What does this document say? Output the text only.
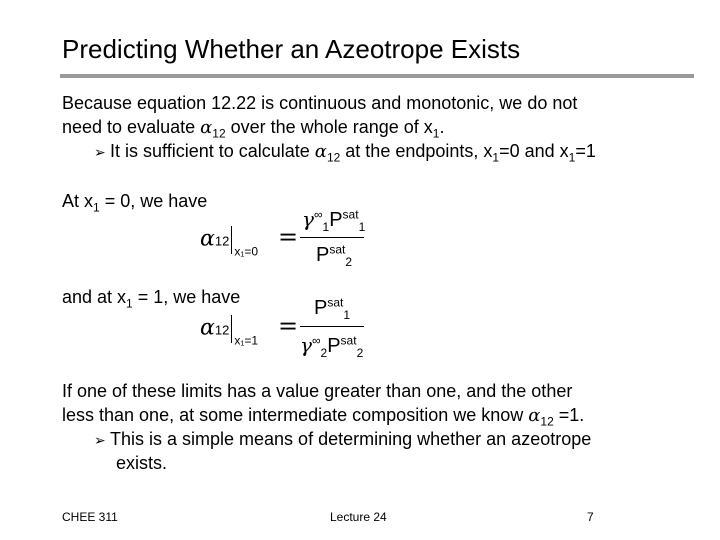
Predicting Whether an Azeotrope Exists
Because equation 12.22 is continuous and monotonic, we do not
need to evaluate $\alpha_{12}$ over the whole range of $x_1$.
➢ It is sufficient to calculate $\alpha_{12}$ at the endpoints, $x_1=0$ and $x_1=1$
At $x_1 = 0$, we have
$\alpha 12_{x_1=0}$
=
$\gamma^\infty_1P^{sat}_1$
$P^{sat}_2$
and at $x_1 = 1$, we have
$\alpha 12_{x_1=1}$
=
$P^{sat}_1$
$\gamma^\infty_2P^{sat}_2$
If one of these limits has a value greater than one, and the other
less than one, at some intermediate composition we know $\alpha_{12} =1$.
➢ This is a simple means of determining whether an azeotrope
exists.
CHEE 311	Lecture 24	7
